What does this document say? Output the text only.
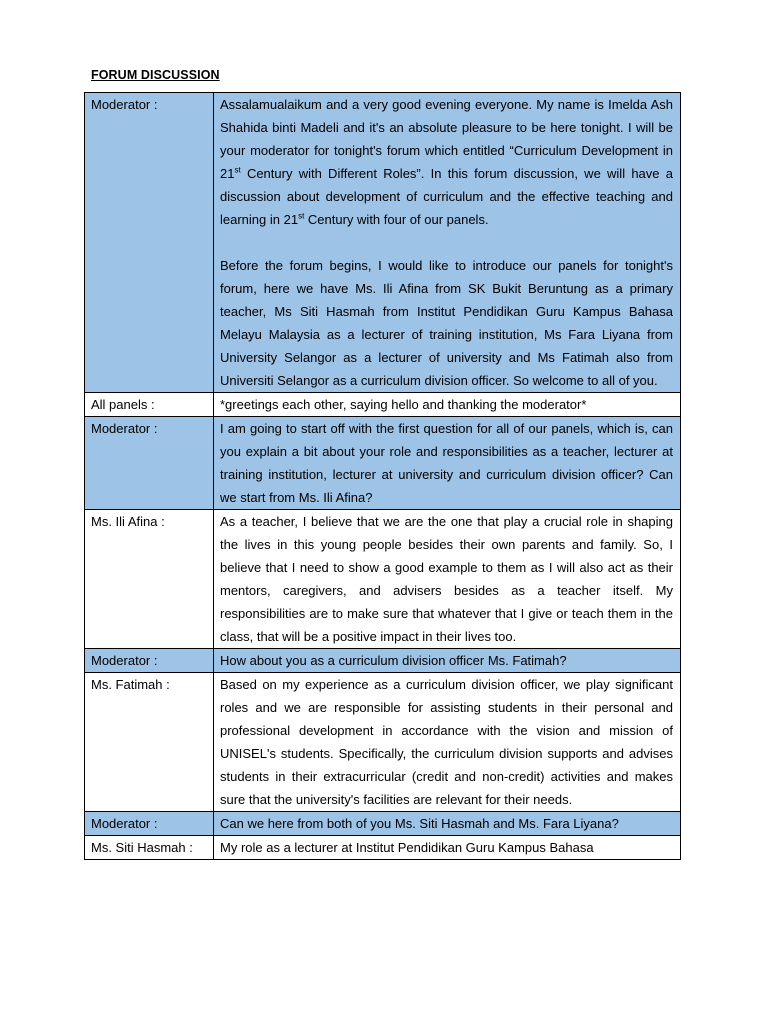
FORUM DISCUSSION
Moderator :	Assalamualaikum and a very good evening everyone. My name is Imelda Ash Shahida binti Madeli and it's an absolute pleasure to be here tonight. I will be your moderator for tonight's forum which entitled “Curriculum Development in 21st Century with Different Roles”. In this forum discussion, we will have a discussion about development of curriculum and the effective teaching and learning in 21st Century with four of our panels.
Before the forum begins, I would like to introduce our panels for tonight's forum, here we have Ms. Ili Afina from SK Bukit Beruntung as a primary teacher, Ms Siti Hasmah from Institut Pendidikan Guru Kampus Bahasa Melayu Malaysia as a lecturer of training institution, Ms Fara Liyana from University Selangor as a lecturer of university and Ms Fatimah also from Universiti Selangor as a curriculum division officer. So welcome to all of you.

All panels :	*greetings each other, saying hello and thanking the moderator*

Moderator :	I am going to start off with the first question for all of our panels, which is, can you explain a bit about your role and responsibilities as a teacher, lecturer at training institution, lecturer at university and curriculum division officer? Can we start from Ms. Ili Afina?

Ms. Ili Afina :	As a teacher, I believe that we are the one that play a crucial role in shaping the lives in this young people besides their own parents and family. So, I believe that I need to show a good example to them as I will also act as their mentors, caregivers, and advisers besides as a teacher itself. My responsibilities are to make sure that whatever that I give or teach them in the class, that will be a positive impact in their lives too.

Moderator :	How about you as a curriculum division officer Ms. Fatimah?

Ms. Fatimah :	Based on my experience as a curriculum division officer, we play significant roles and we are responsible for assisting students in their personal and professional development in accordance with the vision and mission of UNISEL's students. Specifically, the curriculum division supports and advises students in their extracurricular (credit and non-credit) activities and makes sure that the university's facilities are relevant for their needs.

Moderator :	Can we here from both of you Ms. Siti Hasmah and Ms. Fara Liyana?

Ms. Siti Hasmah :	My role as a lecturer at Institut Pendidikan Guru Kampus Bahasa
